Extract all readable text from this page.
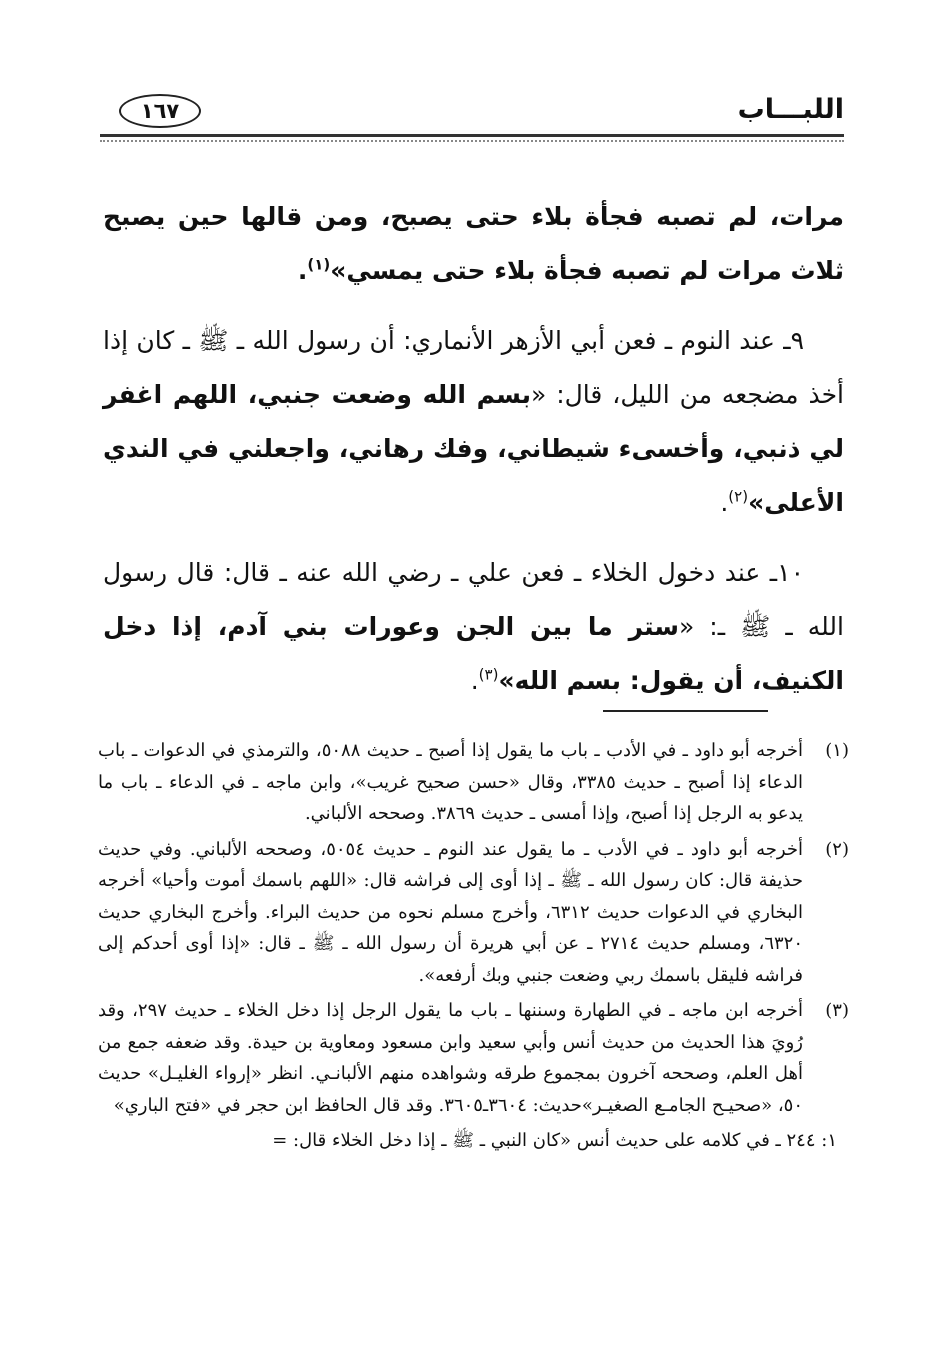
اللبـــاب
١٦٧

مرات، لم تصبه فجأة بلاء حتى يصبح، ومن قالها حين يصبح ثلاث مرات لم تصبه فجأة بلاء حتى يمسي»$^{(١)}$.

٩ـ عند النوم ـ فعن أبي الأزهر الأنماري: أن رسول الله ـ ﷺ ـ كان إذا أخذ مضجعه من الليل، قال: «بسم الله وضعت جنبي، اللهم اغفر لي ذنبي، وأخسىء شيطاني، وفك رهاني، واجعلني في الندي الأعلى»$^{(٢)}$.

١٠ـ عند دخول الخلاء ـ فعن علي ـ رضي الله عنه ـ قال: قال رسول الله ـ ﷺ ـ: «ستر ما بين الجن وعورات بني آدم، إذا دخل الكنيف، أن يقول: بسم الله»$^{(٣)}$.

(١)
أخرجه أبو داود ـ في الأدب ـ باب ما يقول إذا أصبح ـ حديث ٥٠٨٨، والترمذي في الدعوات ـ باب الدعاء إذا أصبح ـ حديث ٣٣٨٥، وقال «حسن صحيح غريب»، وابن ماجه ـ في الدعاء ـ باب ما يدعو به الرجل إذا أصبح، وإذا أمسى ـ حديث ٣٨٦٩. وصححه الألباني.
(٢)
أخرجه أبو داود ـ في الأدب ـ ما يقول عند النوم ـ حديث ٥٠٥٤، وصححه الألباني. وفي حديث حذيفة قال: كان رسول الله ـ ﷺ ـ إذا أوى إلى فراشه قال: «اللهم باسمك أموت وأحيا» أخرجه البخاري في الدعوات حديث ٦٣١٢، وأخرج مسلم نحوه من حديث البراء. وأخرج البخاري حديث ٦٣٢٠، ومسلم حديث ٢٧١٤ ـ عن أبي هريرة أن رسول الله ـ ﷺ ـ قال: «إذا أوى أحدكم إلى فراشه فليقل باسمك ربي وضعت جنبي وبك أرفعه».
(٣)
أخرجه ابن ماجه ـ في الطهارة وسننها ـ باب ما يقول الرجل إذا دخل الخلاء ـ حديث ٢٩٧، وقد رُويَ هذا الحديث من حديث أنس وأبي سعيد وابن مسعود ومعاوية بن حيدة. وقد ضعفه جمع من أهل العلم، وصححه آخرون بمجموع طرقه وشواهده منهم الألبانـي. انظر «إرواء الغليـل» حديث ٥٠، «صحيـح الجامـع الصغيـر»حديث: ٣٦٠٤ـ٣٦٠٥. وقد قال الحافظ ابن حجر في «فتح الباري»
١: ٢٤٤ ـ في كلامه على حديث أنس «كان النبي ـ ﷺ ـ إذا دخل الخلاء قال: =
